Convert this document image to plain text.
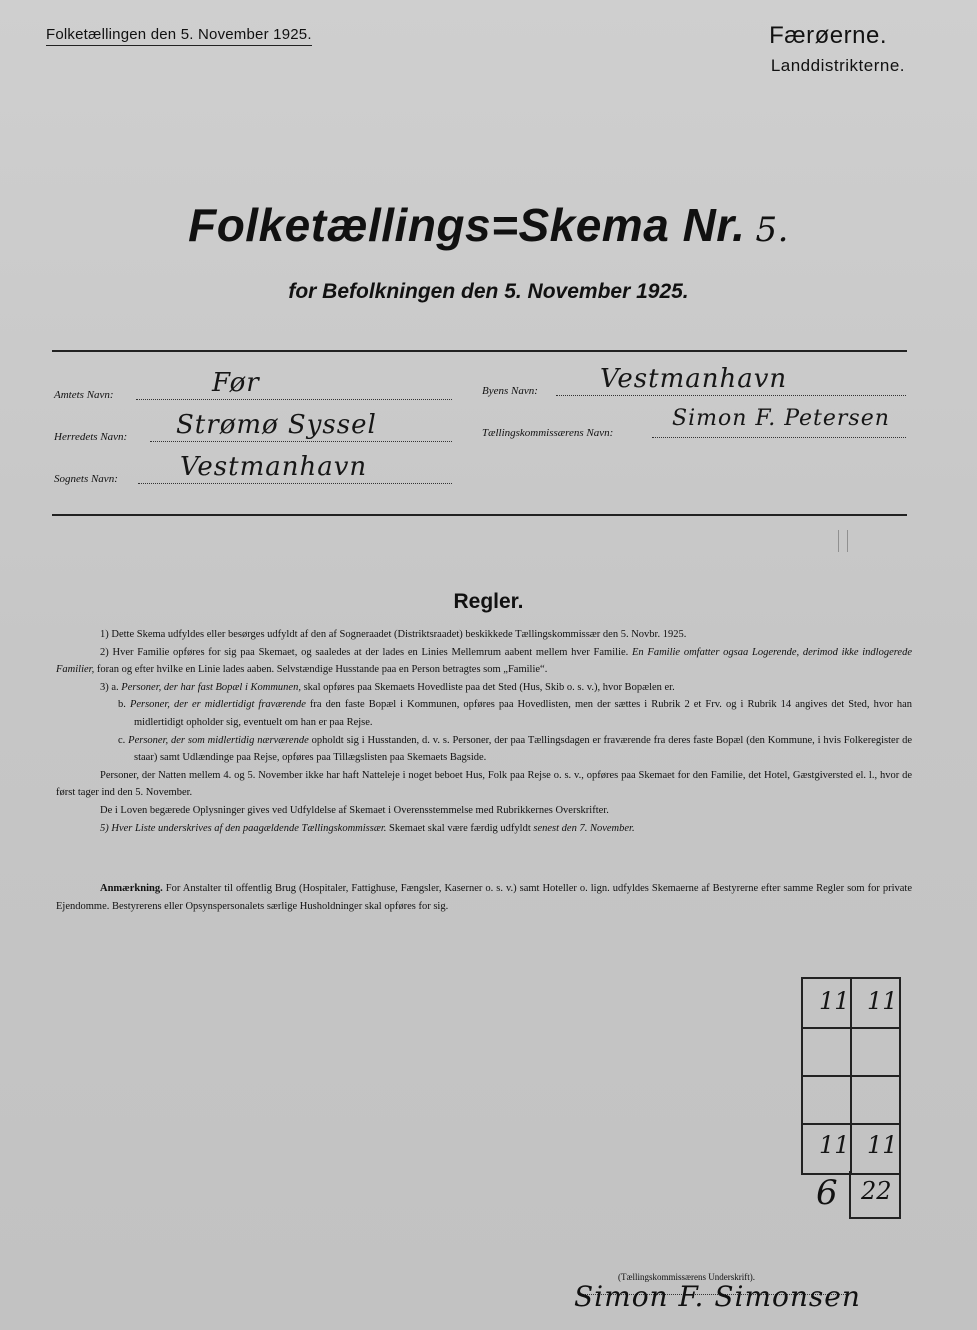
Folketællingen den 5. November 1925.	Færøerne.
Landdistrikterne.
Folketællings=Skema Nr. 5.
for Befolkningen den 5. November 1925.
Amtets Navn:	Før	Byens Navn: Vestmanhavn
Herredets Navn: Strømø Syssel	Tællingskommissærens Navn:
Simon F. Petersen
Sognets Navn: Vestmanhavn
Regler.

1) Dette Skema udfyldes eller besørges udfyldt af den af Sogneraadet (Distriktsraadet) beskikkede Tællingskommissær den 5. Novbr. 1925.

2) Hver Familie opføres for sig paa Skemaet, og saaledes at der lades en Linies Mellemrum aabent mellem hver Familie. En Familie omfatter ogsaa Logerende, derimod ikke indlogerede Familier, foran og efter hvilke en Linie lades aaben. Selvstændige Husstande paa en Person betragtes som „Familie“.

3) a. Personer, der har fast Bopæl i Kommunen, skal opføres paa Skemaets Hovedliste paa det Sted (Hus, Skib o. s. v.), hvor Bopælen er.

b. Personer, der er midlertidigt fraværende fra den faste Bopæl i Kommunen, opføres paa Hovedlisten, men der sættes i Rubrik 2 et Frv. og i Rubrik 14 angives det Sted, hvor han midlertidigt opholder sig, eventuelt om han er paa Rejse.

c. Personer, der som midlertidig nærværende opholdt sig i Husstanden, d. v. s. Personer, der paa Tællingsdagen er fraværende fra deres faste Bopæl (den Kommune, i hvis Folkeregister de staar) samt Udlændinge paa Rejse, opføres paa Tillægslisten paa Skemaets Bagside.

Personer, der Natten mellem 4. og 5. November ikke har haft Natteleje i noget beboet Hus, Folk paa Rejse o. s. v., opføres paa Skemaet for den Familie, det Hotel, Gæstgiversted el. l., hvor de først tager ind den 5. November.

De i Loven begærede Oplysninger gives ved Udfyldelse af Skemaet i Overensstemmelse med Rubrikkernes Overskrifter.

5) Hver Liste underskrives af den paagældende Tællingskommissær. Skemaet skal være færdig udfyldt senest den 7. November.

Anmærkning. For Anstalter til offentlig Brug (Hospitaler, Fattighuse, Fængsler, Kaserner o. s. v.) samt Hoteller o. lign. udfyldes Skemaerne af Bestyrerne efter samme Regler som for private Ejendomme. Bestyrerens eller Opsynspersonalets særlige Husholdninger skal opføres for sig.
11 11
11 11
6 22
(Tællingskommissærens Underskrift).
Simon F. Simonsen
